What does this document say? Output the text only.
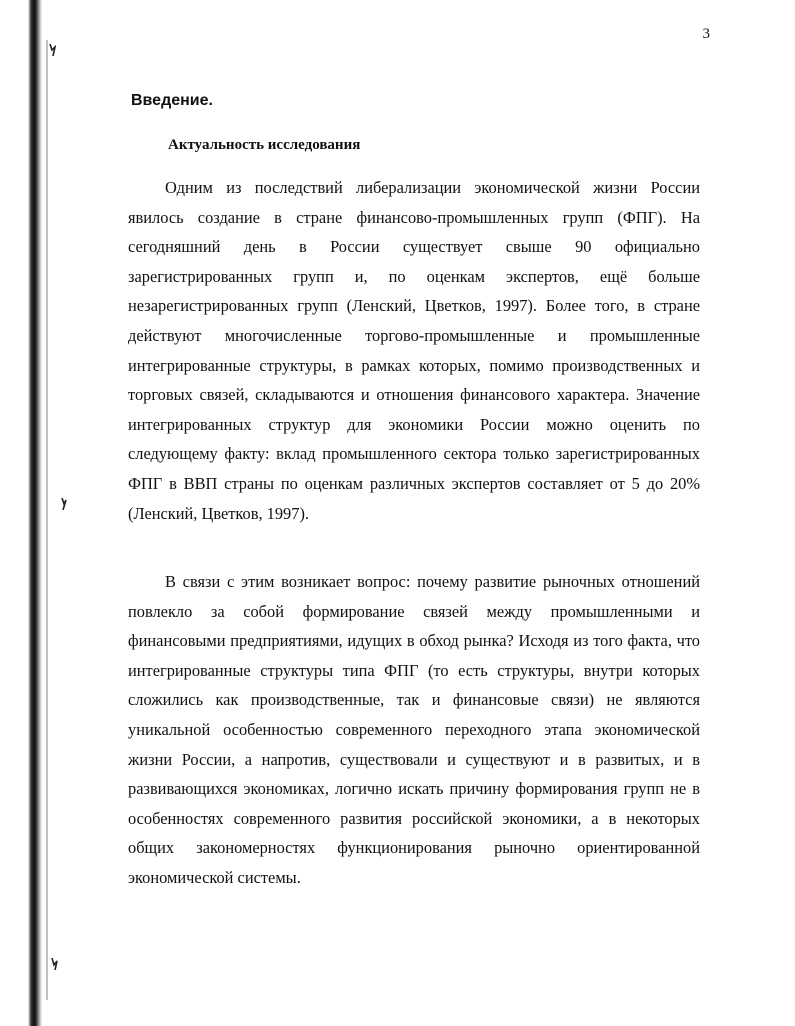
3
Введение.
Актуальность исследования

Одним из последствий либерализации экономической жизни России явилось создание в стране финансово-промышленных групп (ФПГ). На сегодняшний день в России существует свыше 90 официально зарегистрированных групп и, по оценкам экспертов, ещё больше незарегистрированных групп (Ленский, Цветков, 1997). Более того, в стране действуют многочисленные торгово-промышленные и промышленные интегрированные структуры, в рамках которых, помимо производственных и торговых связей, складываются и отношения финансового характера. Значение интегрированных структур для экономики России можно оценить по следующему факту: вклад промышленного сектора только зарегистрированных ФПГ в ВВП страны по оценкам различных экспертов составляет от 5 до 20% (Ленский, Цветков, 1997).

В связи с этим возникает вопрос: почему развитие рыночных отношений повлекло за собой формирование связей между промышленными и финансовыми предприятиями, идущих в обход рынка? Исходя из того факта, что интегрированные структуры типа ФПГ (то есть структуры, внутри которых сложились как производственные, так и финансовые связи) не являются уникальной особенностью современного переходного этапа экономической жизни России, а напротив, существовали и существуют и в развитых, и в развивающихся экономиках, логично искать причину формирования групп не в особенностях современного развития российской экономики, а в некоторых общих закономерностях функционирования рыночно ориентированной экономической системы.
